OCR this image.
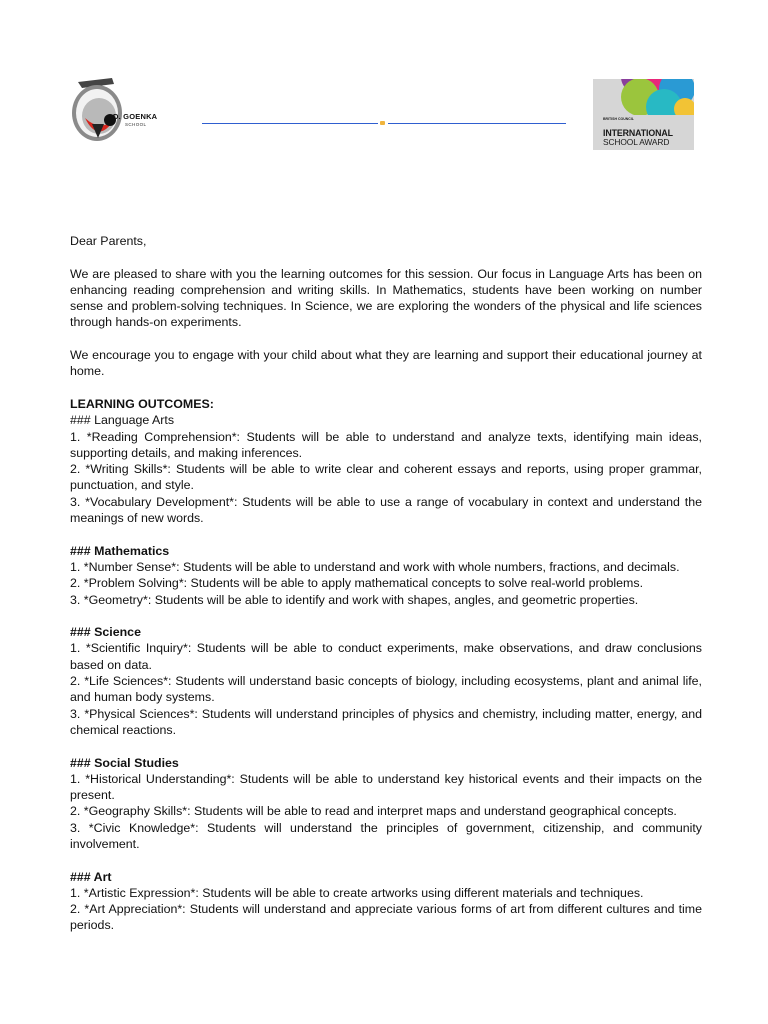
D. GOENKA
SCHOOL
BRITISH COUNCIL
INTERNATIONAL
SCHOOL AWARD

Dear Parents,

We are pleased to share with you the learning outcomes for this session. Our focus in Language Arts has been on enhancing reading comprehension and writing skills. In Mathematics, students have been working on number sense and problem-solving techniques. In Science, we are exploring the wonders of the physical and life sciences through hands-on experiments.

We encourage you to engage with your child about what they are learning and support their educational journey at home.

LEARNING OUTCOMES:

### Language Arts

1. *Reading Comprehension*: Students will be able to understand and analyze texts, identifying main ideas, supporting details, and making inferences.

2. *Writing Skills*: Students will be able to write clear and coherent essays and reports, using proper grammar, punctuation, and style.

3. *Vocabulary Development*: Students will be able to use a range of vocabulary in context and understand the meanings of new words.

### Mathematics

1. *Number Sense*: Students will be able to understand and work with whole numbers, fractions, and decimals.

2. *Problem Solving*: Students will be able to apply mathematical concepts to solve real-world problems.

3. *Geometry*: Students will be able to identify and work with shapes, angles, and geometric properties.

### Science

1. *Scientific Inquiry*: Students will be able to conduct experiments, make observations, and draw conclusions based on data.

2. *Life Sciences*: Students will understand basic concepts of biology, including ecosystems, plant and animal life, and human body systems.

3. *Physical Sciences*: Students will understand principles of physics and chemistry, including matter, energy, and chemical reactions.

### Social Studies

1. *Historical Understanding*: Students will be able to understand key historical events and their impacts on the present.

2. *Geography Skills*: Students will be able to read and interpret maps and understand geographical concepts.

3. *Civic Knowledge*: Students will understand the principles of government, citizenship, and community involvement.

### Art

1. *Artistic Expression*: Students will be able to create artworks using different materials and techniques.

2. *Art Appreciation*: Students will understand and appreciate various forms of art from different cultures and time periods.
